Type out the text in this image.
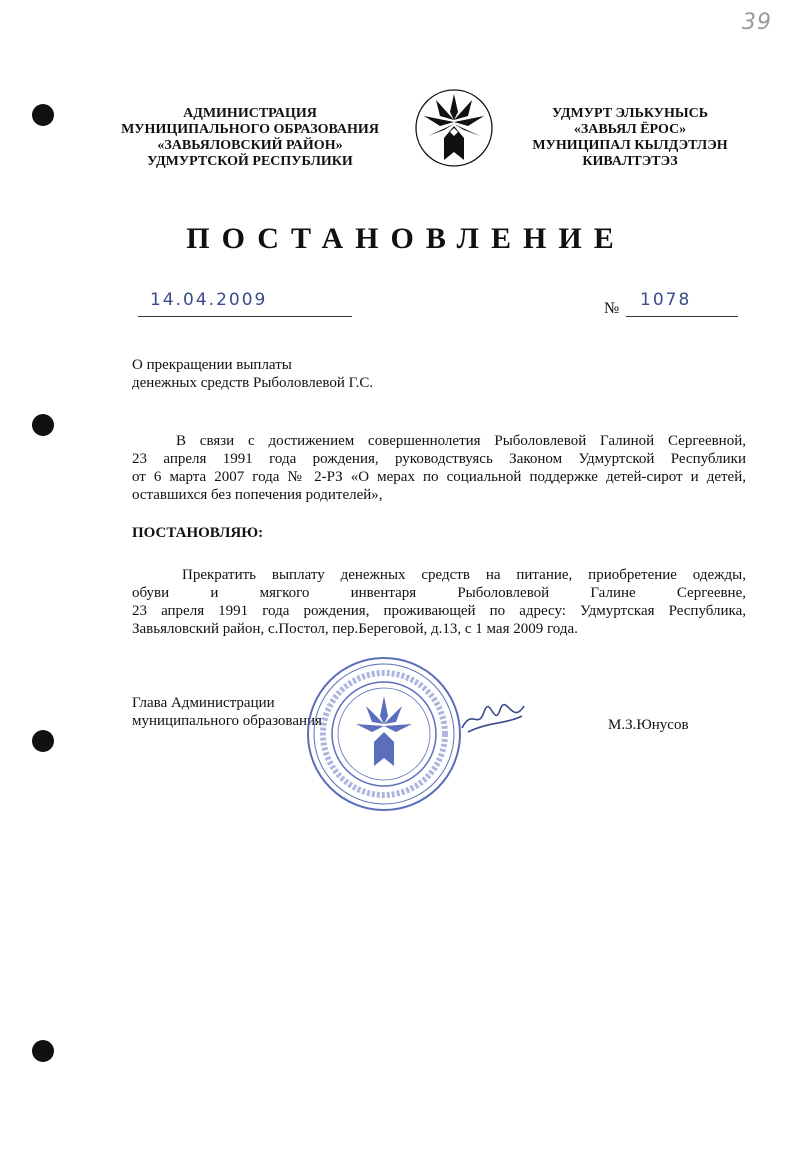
39
АДМИНИСТРАЦИЯ
МУНИЦИПАЛЬНОГО ОБРАЗОВАНИЯ
«ЗАВЬЯЛОВСКИЙ РАЙОН»
УДМУРТСКОЙ РЕСПУБЛИКИ
УДМУРТ ЭЛЬКУНЫСЬ
«ЗАВЬЯЛ ЁРОС»
МУНИЦИПАЛ КЫЛДЭТЛЭН
КИВАЛТЭТЭЗ
ПОСТАНОВЛЕНИЕ
14.04.2009	№ 1078
О прекращении выплаты
денежных средств Рыболовлевой Г.С.
В связи с достижением совершеннолетия Рыболовлевой Галиной Сергеевной,
23 апреля 1991 года рождения, руководствуясь Законом Удмуртской Республики
от 6 марта 2007 года № 2-РЗ «О мерах по социальной поддержке детей-сирот и детей,
оставшихся без попечения родителей»,
ПОСТАНОВЛЯЮ:
Прекратить выплату денежных средств на питание, приобретение одежды,
обуви    и    мягкого    инвентаря    Рыболовлевой    Галине    Сергеевне,
23 апреля 1991 года рождения, проживающей по адресу: Удмуртская Республика,
Завьяловский район, с.Постол, пер.Береговой, д.13, с 1 мая 2009 года.
Глава Администрации
муниципального образования	М.З.Юнусов
